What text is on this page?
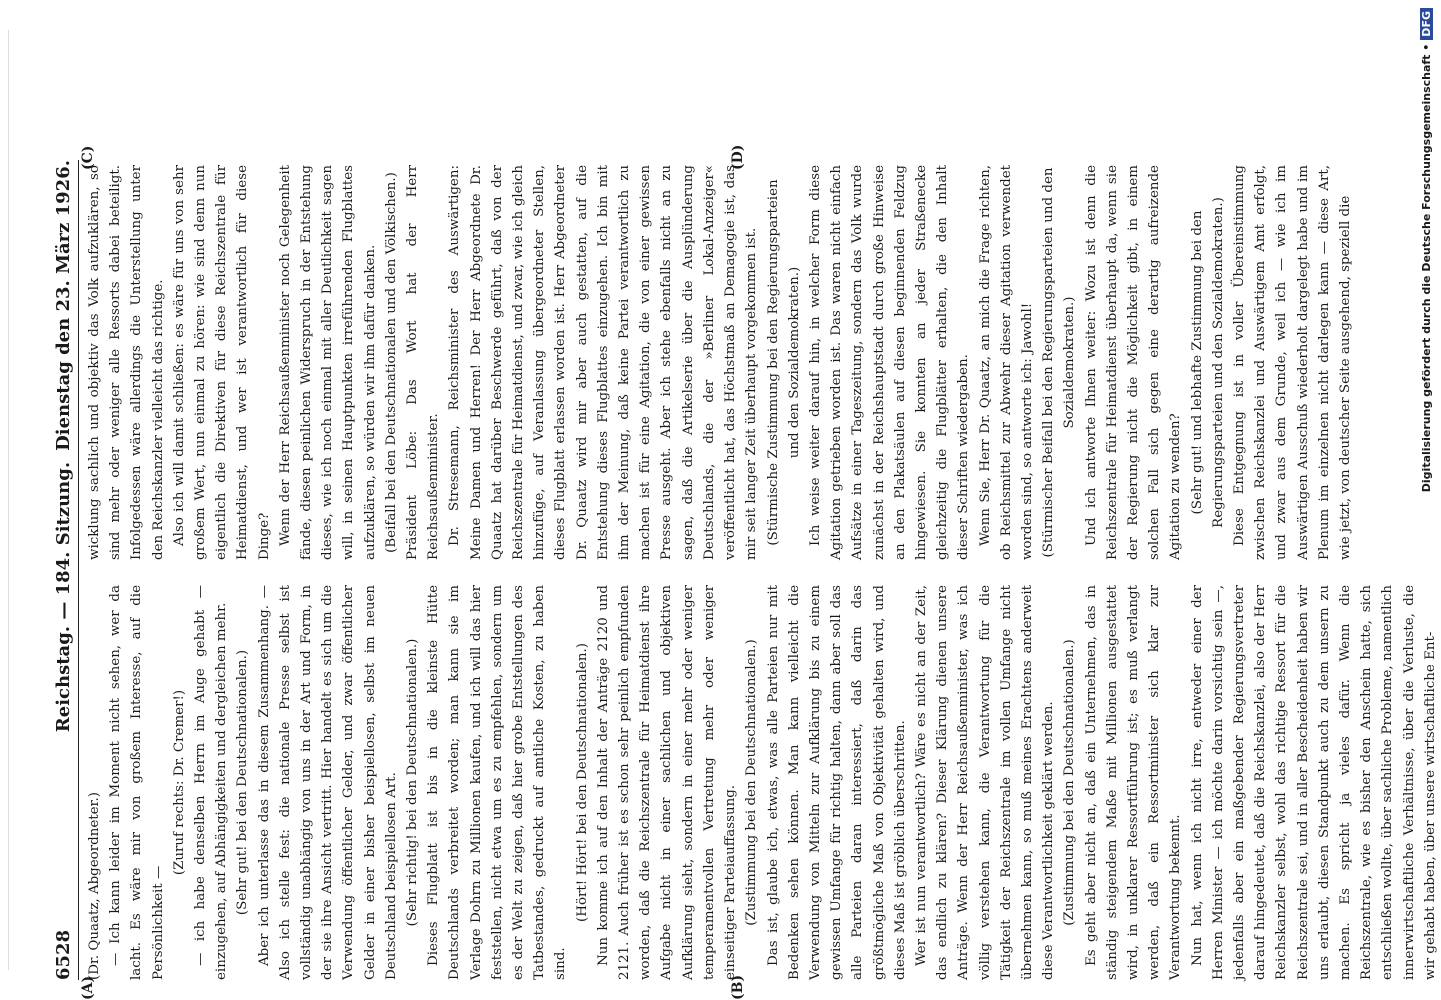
6528
Reichstag. — 184. Sitzung.
Dienstag den 23. März 1926.
(A)	(B)
(C)	(D)

(Dr. Quaatz, Abgeordneter.) — Ich kann leider im Moment nicht sehen, wer da lacht. Es wäre mir von großem Interesse, auf die Persönlichkeit —

(Zuruf rechts: Dr. Cremer!) — ich habe denselben Herrn im Auge gehabt — einzugehen, auf Abhängigkeiten und dergleichen mehr. (Sehr gut! bei den Deutschnationalen.) Aber ich unterlasse das in diesem Zusammenhang. — Also ich stelle fest: die nationale Presse selbst ist vollständig unabhängig von uns in der Art und Form, in der sie ihre Ansicht vertritt. Hier handelt es sich um die Verwendung öffentlicher Gelder, und zwar öffentlicher Gelder in einer bisher beispiellosen, selbst im neuen Deutschland beispiellosen Art. (Sehr richtig! bei den Deutschnationalen.) Dieses Flugblatt ist bis in die kleinste Hütte Deutschlands verbreitet worden; man kann sie im Verlage Dohrn zu Millionen kaufen, und ich will das hier feststellen, nicht etwa um es zu empfehlen, sondern um es der Welt zu zeigen, daß hier grobe Entstellungen des Tatbestandes, gedruckt auf amtliche Kosten, zu haben sind.

(Hört! Hört! bei den Deutschnationalen.) Nun komme ich auf den Inhalt der Anträge 2120 und 2121. Auch früher ist es schon sehr peinlich empfunden worden, daß die Reichszentrale für Heimatdienst ihre Aufgabe nicht in einer sachlichen und objektiven Aufklärung sieht, sondern in einer mehr oder weniger temperamentvollen Vertretung mehr oder weniger einseitiger Parteiauffassung. (Zustimmung bei den Deutschnationalen.) Das ist, glaube ich, etwas, was alle Parteien nur mit Bedenken sehen können. Man kann vielleicht die Verwendung von Mitteln zur Aufklärung bis zu einem gewissen Umfange für richtig halten, dann aber soll das alle Parteien daran interessiert, daß darin das größtmögliche Maß von Objektivität gehalten wird, und dieses Maß ist gröblich überschritten. Wer ist nun verantwortlich? Wäre es nicht an der Zeit, das endlich zu klären? Dieser Klärung dienen unsere Anträge. Wenn der Herr Reichsaußenminister, was ich völlig verstehen kann, die Verantwortung für die Tätigkeit der Reichszentrale im vollen Umfange nicht übernehmen kann, so muß meines Erachtens anderweit diese Verantwortlichkeit geklärt werden. (Zustimmung bei den Deutschnationalen.) Es geht aber nicht an, daß ein Unternehmen, das in ständig steigendem Maße mit Millionen ausgestattet wird, in unklarer Ressortführung ist; es muß verlangt werden, daß ein Ressortminister sich klar zur Verantwortung bekennt. Nun hat, wenn ich nicht irre, entweder einer der Herren Minister — ich möchte darin vorsichtig sein —, jedenfalls aber ein maßgebender Regierungsvertreter darauf hingedeutet, daß die Reichskanzlei, also der Herr Reichskanzler selbst, wohl das richtige Ressort für die Reichszentrale sei, und in aller Bescheidenheit haben wir uns erlaubt, diesen Standpunkt auch zu dem unsern zu machen. Es spricht ja vieles dafür. Wenn die Reichszentrale, wie es bisher den Anschein hatte, sich entschließen wollte, über sachliche Probleme, namentlich innerwirtschaftliche Verhältnisse, über die Verluste, die wir gehabt haben, über unsere wirtschaftliche Ent-

wicklung sachlich und objektiv das Volk aufzuklären, so sind mehr oder weniger alle Ressorts dabei beteiligt. Infolgedessen wäre allerdings die Unterstellung unter den Reichskanzler vielleicht das richtige. Also ich will damit schließen: es wäre für uns von sehr großem Wert, nun einmal zu hören: wie sind denn nun eigentlich die Direktiven für diese Reichszentrale für Heimatdienst, und wer ist verantwortlich für diese Dinge? Wenn der Herr Reichsaußenminister noch Gelegenheit fände, diesen peinlichen Widerspruch in der Entstehung dieses, wie ich noch einmal mit aller Deutlichkeit sagen will, in seinen Hauptpunkten irreführenden Flugblattes aufzuklären, so würden wir ihm dafür danken. (Beifall bei den Deutschnationalen und den Völkischen.) Präsident Löbe: Das Wort hat der Herr Reichsaußenminister. Dr. Stresemann, Reichsminister des Auswärtigen: Meine Damen und Herren! Der Herr Abgeordnete Dr. Quaatz hat darüber Beschwerde geführt, daß von der Reichszentrale für Heimatdienst, und zwar, wie ich gleich hinzufüge, auf Veranlassung übergeordneter Stellen, dieses Flugblatt erlassen worden ist. Herr Abgeordneter Dr. Quaatz wird mir aber auch gestatten, auf die Entstehung dieses Flugblattes einzugehen. Ich bin mit ihm der Meinung, daß keine Partei verantwortlich zu machen ist für eine Agitation, die von einer gewissen Presse ausgeht. Aber ich stehe ebenfalls nicht an zu sagen, daß die Artikelserie über die Ausplünderung Deutschlands, die der »Berliner Lokal-Anzeiger« veröffentlicht hat, das Höchstmaß an Demagogie ist, das mir seit langer Zeit überhaupt vorgekommen ist. (Stürmische Zustimmung bei den Regierungsparteien und den Sozialdemokraten.) Ich weise weiter darauf hin, in welcher Form diese Agitation getrieben worden ist. Das waren nicht einfach Aufsätze in einer Tageszeitung, sondern das Volk wurde zunächst in der Reichshauptstadt durch große Hinweise an den Plakatsäulen auf diesen beginnenden Feldzug hingewiesen. Sie konnten an jeder Straßenecke gleichzeitig die Flugblätter erhalten, die den Inhalt dieser Schriften wiedergaben. Wenn Sie, Herr Dr. Quaatz, an mich die Frage richten, ob Reichsmittel zur Abwehr dieser Agitation verwendet worden sind, so antworte ich: Jawohl! (Stürmischer Beifall bei den Regierungsparteien und den Sozialdemokraten.) Und ich antworte Ihnen weiter: Wozu ist denn die Reichszentrale für Heimatdienst überhaupt da, wenn sie der Regierung nicht die Möglichkeit gibt, in einem solchen Fall sich gegen eine derartig aufreizende Agitation zu wenden? (Sehr gut! und lebhafte Zustimmung bei den Regierungsparteien und den Sozialdemokraten.) Diese Entgegnung ist in voller Übereinstimmung zwischen Reichskanzlei und Auswärtigem Amt erfolgt, und zwar aus dem Grunde, weil ich — wie ich im Auswärtigen Ausschuß wiederholt dargelegt habe und im Plenum im einzelnen nicht darlegen kann — diese Art, wie jetzt, von deutscher Seite ausgehend, speziell die	Digitalisierung gefördert durch die Deutsche Forschungsgemeinschaft •DFG
